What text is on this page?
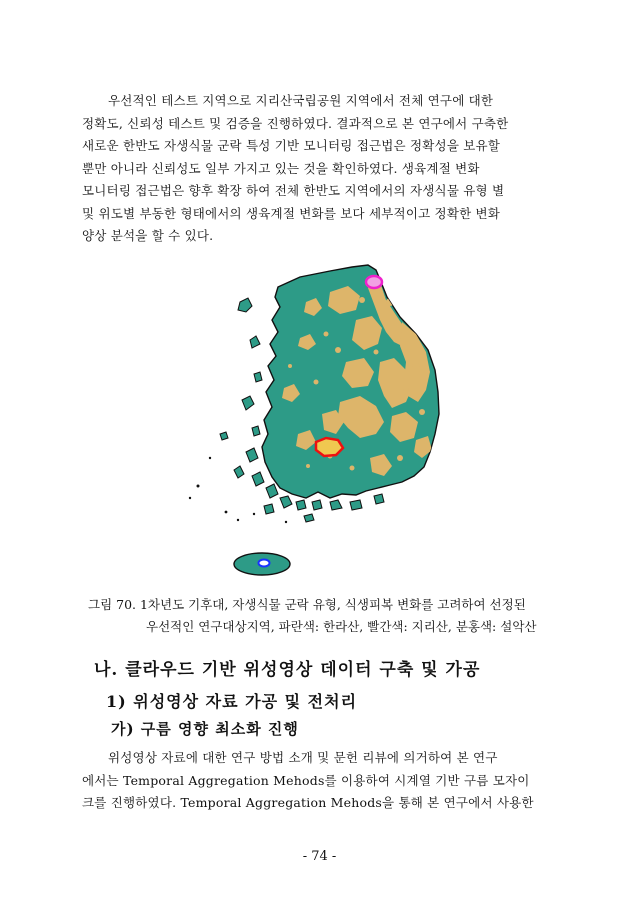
우선적인 테스트 지역으로 지리산국립공원 지역에서 전체 연구에 대한
정확도, 신뢰성 테스트 및 검증을 진행하였다. 결과적으로 본 연구에서 구축한
새로운 한반도 자생식물 군락 특성 기반 모니터링 접근법은 정확성을 보유할
뿐만 아니라 신뢰성도 일부 가지고 있는 것을 확인하였다. 생육계절 변화
모니터링 접근법은 향후 확장 하여 전체 한반도 지역에서의 자생식물 유형 별
및 위도별 부동한 형태에서의 생육계절 변화를 보다 세부적이고 정확한 변화
양상 분석을 할 수 있다.
그림 70. 1차년도 기후대, 자생식물 군락 유형, 식생피복 변화를 고려하여 선정된
우선적인 연구대상지역, 파란색: 한라산, 빨간색: 지리산, 분홍색: 설악산
나. 클라우드 기반 위성영상 데이터 구축 및 가공
1) 위성영상 자료 가공 및 전처리
가) 구름 영향 최소화 진행
위성영상 자료에 대한 연구 방법 소개 및 문헌 리뷰에 의거하여 본 연구
에서는 Temporal Aggregation Mehods를 이용하여 시계열 기반 구름 모자이
크를 진행하였다. Temporal Aggregation Mehods을 통해 본 연구에서 사용한
- 74 -
